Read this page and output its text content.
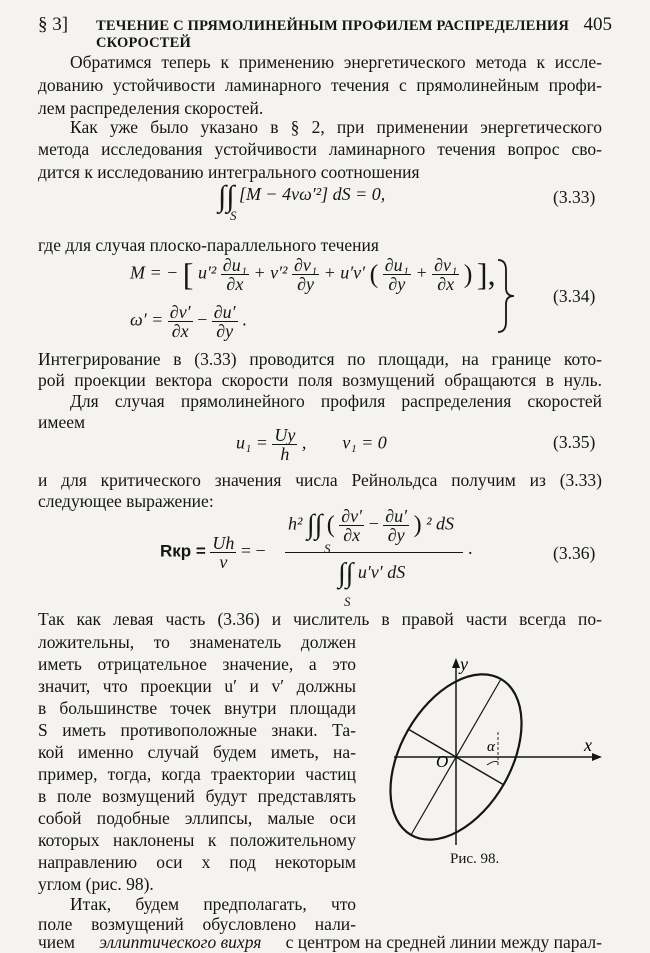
§ 3] ТЕЧЕНИЕ С ПРЯМОЛИНЕЙНЫМ ПРОФИЛЕМ РАСПРЕДЕЛЕНИЯ СКОРОСТЕЙ
405
Обратимся теперь к применению энергетического метода к иссле-
дованию устойчивости ламинарного течения с прямолинейным профи-
лем распределения скоростей.
Как уже было указано в § 2, при применении энергетического
метода исследования устойчивости ламинарного течения вопрос сво-
дится к исследованию интегрального соотношения
∫∫ [M − 4νω′²] dS = 0,
S
(3.33)
где для случая плоско-параллельного течения
M = − [ $u'^2 \frac{\text{∂u₁}}{\partial x} + v'^2 \frac{\text{∂v₁}}{\partial y} + u'v'$ ( $\frac{\text{∂u₁}}{\partial y} + \frac{\text{∂v₁}}{\partial x}$ ) ],
$\omega' = \frac{\partial v'}{\partial x} - \frac{\partial u'}{\partial y}$ .
(3.34)
Интегрирование в (3.33) проводится по площади, на границе кото-
рой проекции вектора скорости поля возмущений обращаются в нуль.
Для случая прямолинейного профиля распределения скоростей
имеем
$u_1 = \frac{Uy}{h}$ ,        v₁ = 0	(3.35)
и для критического значения числа Рейнольдса получим из (3.33)
следующее выражение:
Rкр = $\frac{Uh}{\nu}$ = −
h² ∫∫ ( $\frac{\partial v'}{\partial x} - \frac{\partial u'}{\partial y}$ ) ² dS
S
∫∫ u′v′ dS
S
.	(3.36)
Так как левая часть (3.36) и числитель в правой части всегда по-
ложительны, то знаменатель должен
иметь отрицательное значение, а это
значит, что проекции u′ и v′ должны
в большинстве точек внутри площади
S иметь противоположные знаки. Та-
кой именно случай будем иметь, на-
пример, тогда, когда траектории частиц
в поле возмущений будут представлять
собой подобные эллипсы, малые оси
которых наклонены к положительному
направлению оси x под некоторым
углом (рис. 98).
Итак, будем предполагать, что
поле возмущений обусловлено нали-
чием эллиптического вихря с центром на средней линии между парал-
y
x
O
α
Рис. 98.
